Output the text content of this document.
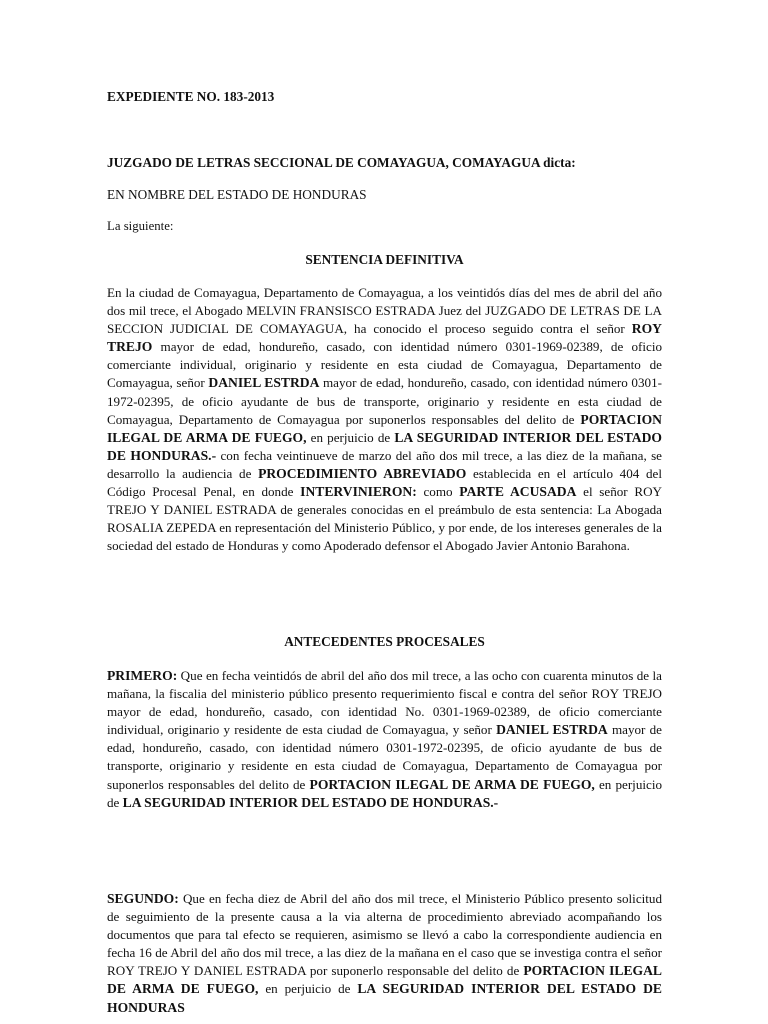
EXPEDIENTE NO. 183-2013
JUZGADO DE LETRAS SECCIONAL DE COMAYAGUA, COMAYAGUA dicta:
EN NOMBRE DEL ESTADO DE HONDURAS
La siguiente:
SENTENCIA DEFINITIVA
En la ciudad de Comayagua, Departamento de Comayagua, a los veintidós días del mes de abril del año dos mil trece, el Abogado MELVIN FRANSISCO ESTRADA Juez del JUZGADO DE LETRAS DE LA SECCION JUDICIAL DE COMAYAGUA, ha conocido el proceso seguido contra el señor ROY TREJO mayor de edad, hondureño, casado, con identidad número 0301-1969-02389, de oficio comerciante individual, originario y residente en esta ciudad de Comayagua, Departamento de Comayagua, señor DANIEL ESTRDA mayor de edad, hondureño, casado, con identidad número 0301-1972-02395, de oficio ayudante de bus de transporte, originario y residente en esta ciudad de Comayagua, Departamento de Comayagua por suponerlos responsables del delito de PORTACION ILEGAL DE ARMA DE FUEGO, en perjuicio de LA SEGURIDAD INTERIOR DEL ESTADO DE HONDURAS.- con fecha veintinueve de marzo del año dos mil trece, a las diez de la mañana, se desarrollo la audiencia de PROCEDIMIENTO ABREVIADO establecida en el artículo 404 del Código Procesal Penal, en donde INTERVINIERON: como PARTE ACUSADA el señor ROY TREJO Y DANIEL ESTRADA de generales conocidas en el preámbulo de esta sentencia: La Abogada ROSALIA ZEPEDA en representación del Ministerio Público, y por ende, de los intereses generales de la sociedad del estado de Honduras y como Apoderado defensor el Abogado Javier Antonio Barahona.
ANTECEDENTES PROCESALES
PRIMERO: Que en fecha veintidós de abril del año dos mil trece, a las ocho con cuarenta minutos de la mañana, la fiscalia del ministerio público presento requerimiento fiscal e contra del señor ROY TREJO mayor de edad, hondureño, casado, con identidad No. 0301-1969-02389, de oficio comerciante individual, originario y residente de esta ciudad de Comayagua, y señor DANIEL ESTRDA mayor de edad, hondureño, casado, con identidad número 0301-1972-02395, de oficio ayudante de bus de transporte, originario y residente en esta ciudad de Comayagua, Departamento de Comayagua por suponerlos responsables del delito de PORTACION ILEGAL DE ARMA DE FUEGO, en perjuicio de LA SEGURIDAD INTERIOR DEL ESTADO DE HONDURAS.-
SEGUNDO: Que en fecha diez de Abril del año dos mil trece, el Ministerio Público presento solicitud de seguimiento de la presente causa a la via alterna de procedimiento abreviado acompañando los documentos que para tal efecto se requieren, asimismo se llevó a cabo la correspondiente audiencia en fecha 16 de Abril del año dos mil trece, a las diez de la mañana en el caso que se investiga contra el señor ROY TREJO Y DANIEL ESTRADA por suponerlo responsable del delito de PORTACION ILEGAL DE ARMA DE FUEGO, en perjuicio de LA SEGURIDAD INTERIOR DEL ESTADO DE HONDURAS
